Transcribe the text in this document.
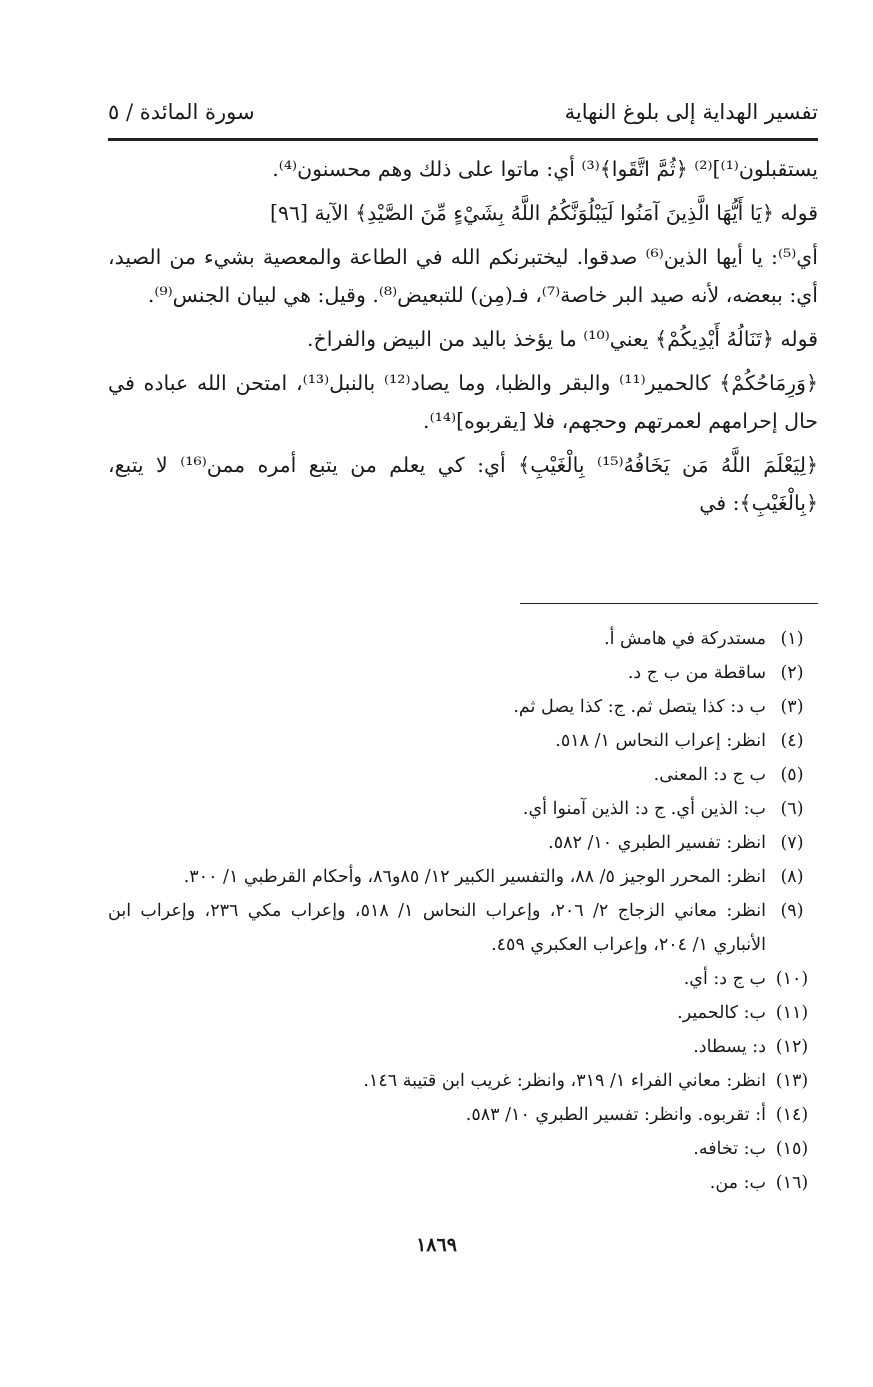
تفسير الهداية إلى بلوغ النهاية
سورة المائدة / ٥

يستقبلون⁽¹⁾]⁽²⁾ ﴿ثُمَّ اتَّقَوا﴾⁽³⁾ أي: ماتوا على ذلك وهم محسنون⁽⁴⁾.

قوله ﴿يَا أَيُّهَا الَّذِينَ آمَنُوا لَيَبْلُوَنَّكُمُ اللَّهُ بِشَيْءٍ مِّنَ الصَّيْدِ﴾ الآية [٩٦]

أي⁽⁵⁾: يا أيها الذين⁽⁶⁾ صدقوا. ليختبرنكم الله في الطاعة والمعصية بشيء من الصيد، أي: ببعضه، لأنه صيد البر خاصة⁽⁷⁾، فـ(مِن) للتبعيض⁽⁸⁾. وقيل: هي لبيان الجنس⁽⁹⁾.

قوله ﴿تَنَالُهُ أَيْدِيكُمْ﴾ يعني⁽¹⁰⁾ ما يؤخذ باليد من البيض والفراخ.

﴿وَرِمَاحُكُمْ﴾ كالحمير⁽¹¹⁾ والبقر والظبا، وما يصاد⁽¹²⁾ بالنبل⁽¹³⁾، امتحن الله عباده في حال إحرامهم لعمرتهم وحجهم، فلا [يقربوه]⁽¹⁴⁾.

﴿لِيَعْلَمَ اللَّهُ مَن يَخَافُهُ⁽¹⁵⁾ بِالْغَيْبِ﴾ أي: كي يعلم من يتبع أمره ممن⁽¹⁶⁾ لا يتبع، ﴿بِالْغَيْبِ﴾: في

(١)
مستدركة في هامش أ.
(٢)
ساقطة من ب ج د.
(٣)
ب د: كذا يتصل ثم. ج: كذا يصل ثم.
(٤)
انظر: إعراب النحاس ١/ ٥١٨.
(٥)
ب ج د: المعنى.
(٦)
ب: الذين أي. ج د: الذين آمنوا أي.
(٧)
انظر: تفسير الطبري ١٠/ ٥٨٢.
(٨)
انظر: المحرر الوجيز ٥/ ٨٨، والتفسير الكبير ١٢/ ٨٥و٨٦، وأحكام القرطبي ١/ ٣٠٠.
(٩)
انظر: معاني الزجاج ٢/ ٢٠٦، وإعراب النحاس ١/ ٥١٨، وإعراب مكي ٢٣٦، وإعراب ابن الأنباري ١/ ٢٠٤، وإعراب العكبري ٤٥٩.
(١٠)
ب ج د: أي.
(١١)
ب: كالحمير.
(١٢)
د: يسطاد.
(١٣)
انظر: معاني الفراء ١/ ٣١٩، وانظر: غريب ابن قتيبة ١٤٦.
(١٤)
أ: تقربوه. وانظر: تفسير الطبري ١٠/ ٥٨٣.
(١٥)
ب: تخافه.
(١٦)
ب: من.
١٨٦٩
